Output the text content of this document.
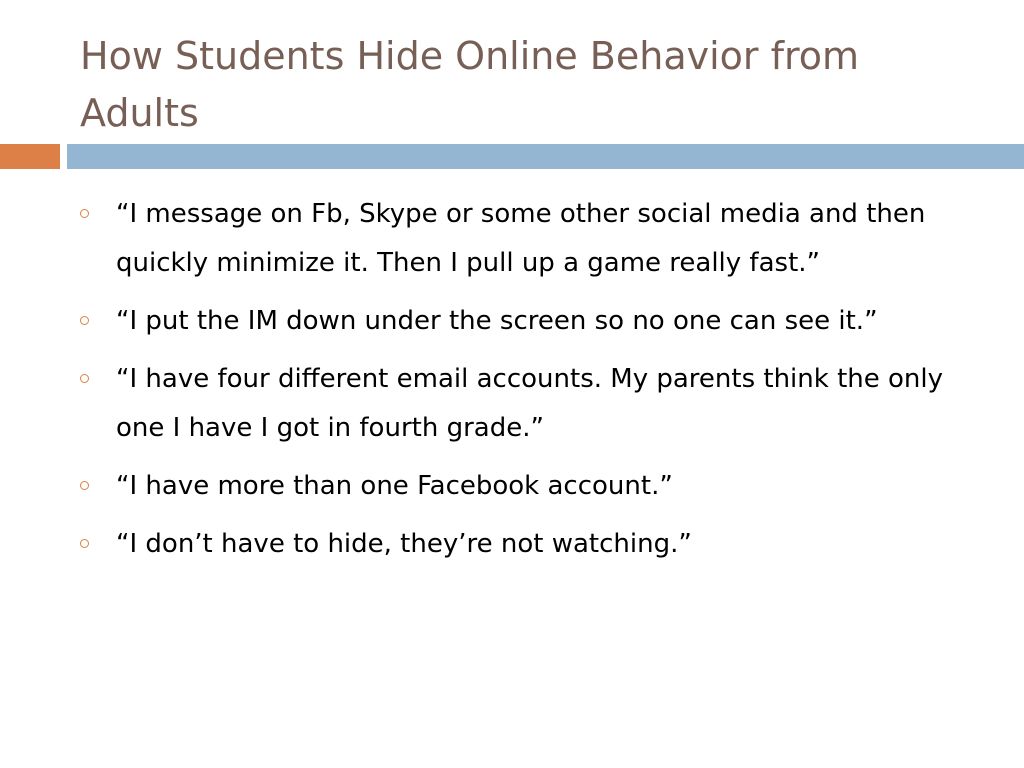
How Students Hide Online Behavior from Adults
“I message on Fb, Skype or some other social media and then quickly minimize it. Then I pull up a game really fast.”
“I put the IM down under the screen so no one can see it.”
“I have four different email accounts. My parents think the only one I have I got in fourth grade.”
“I have more than one Facebook account.”
“I don’t have to hide, they’re not watching.”
